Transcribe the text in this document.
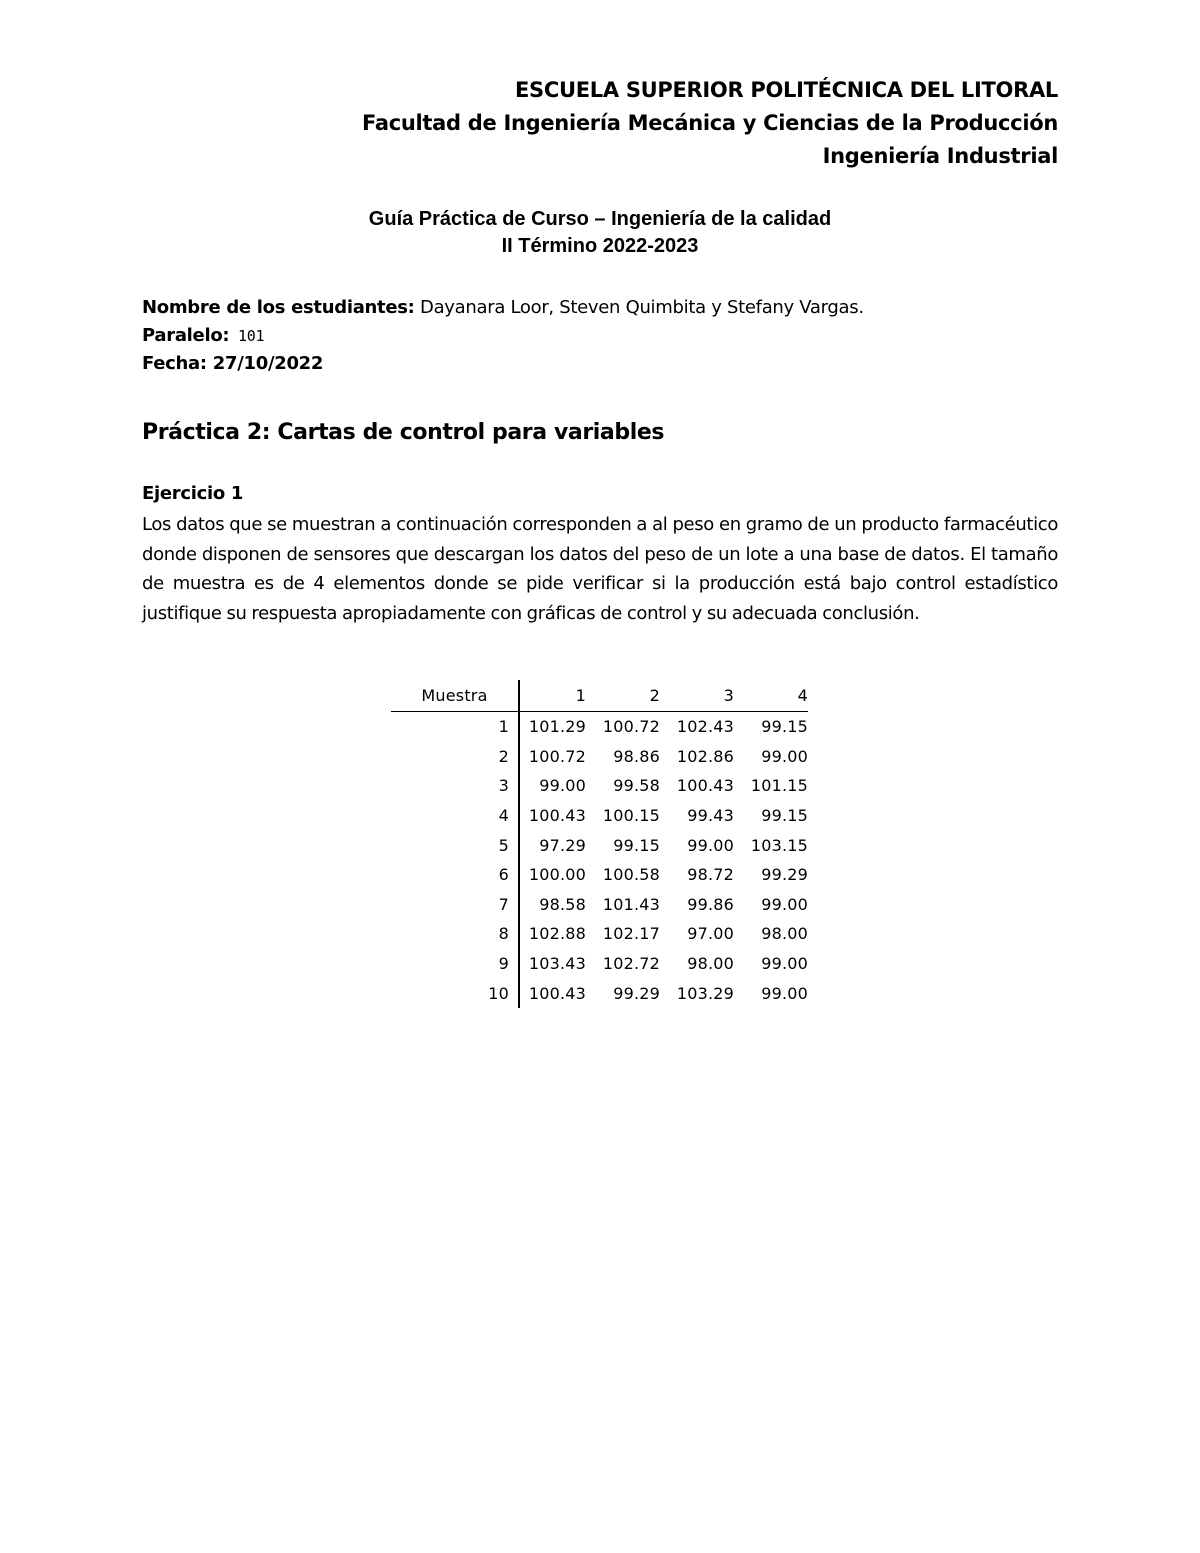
ESCUELA SUPERIOR POLITÉCNICA DEL LITORAL
Facultad de Ingeniería Mecánica y Ciencias de la Producción
Ingeniería Industrial
Guía Práctica de Curso – Ingeniería de la calidad
II Término 2022-2023
Nombre de los estudiantes: Dayanara Loor, Steven Quimbita y Stefany Vargas.
Paralelo: 101
Fecha: 27/10/2022
Práctica 2: Cartas de control para variables
Ejercicio 1
Los datos que se muestran a continuación corresponden a al peso en gramo de un producto farmacéutico donde disponen de sensores que descargan los datos del peso de un lote a una base de datos. El tamaño de muestra es de 4 elementos donde se pide verificar si la producción está bajo control estadístico justifique su respuesta apropiadamente con gráficas de control y su adecuada conclusión.
Muestra	1	2	3	4
1	101.29	100.72	102.43	99.15
2	100.72	98.86	102.86	99.00
3	99.00	99.58	100.43	101.15
4	100.43	100.15	99.43	99.15
5	97.29	99.15	99.00	103.15
6	100.00	100.58	98.72	99.29
7	98.58	101.43	99.86	99.00
8	102.88	102.17	97.00	98.00
9	103.43	102.72	98.00	99.00
10	100.43	99.29	103.29	99.00
